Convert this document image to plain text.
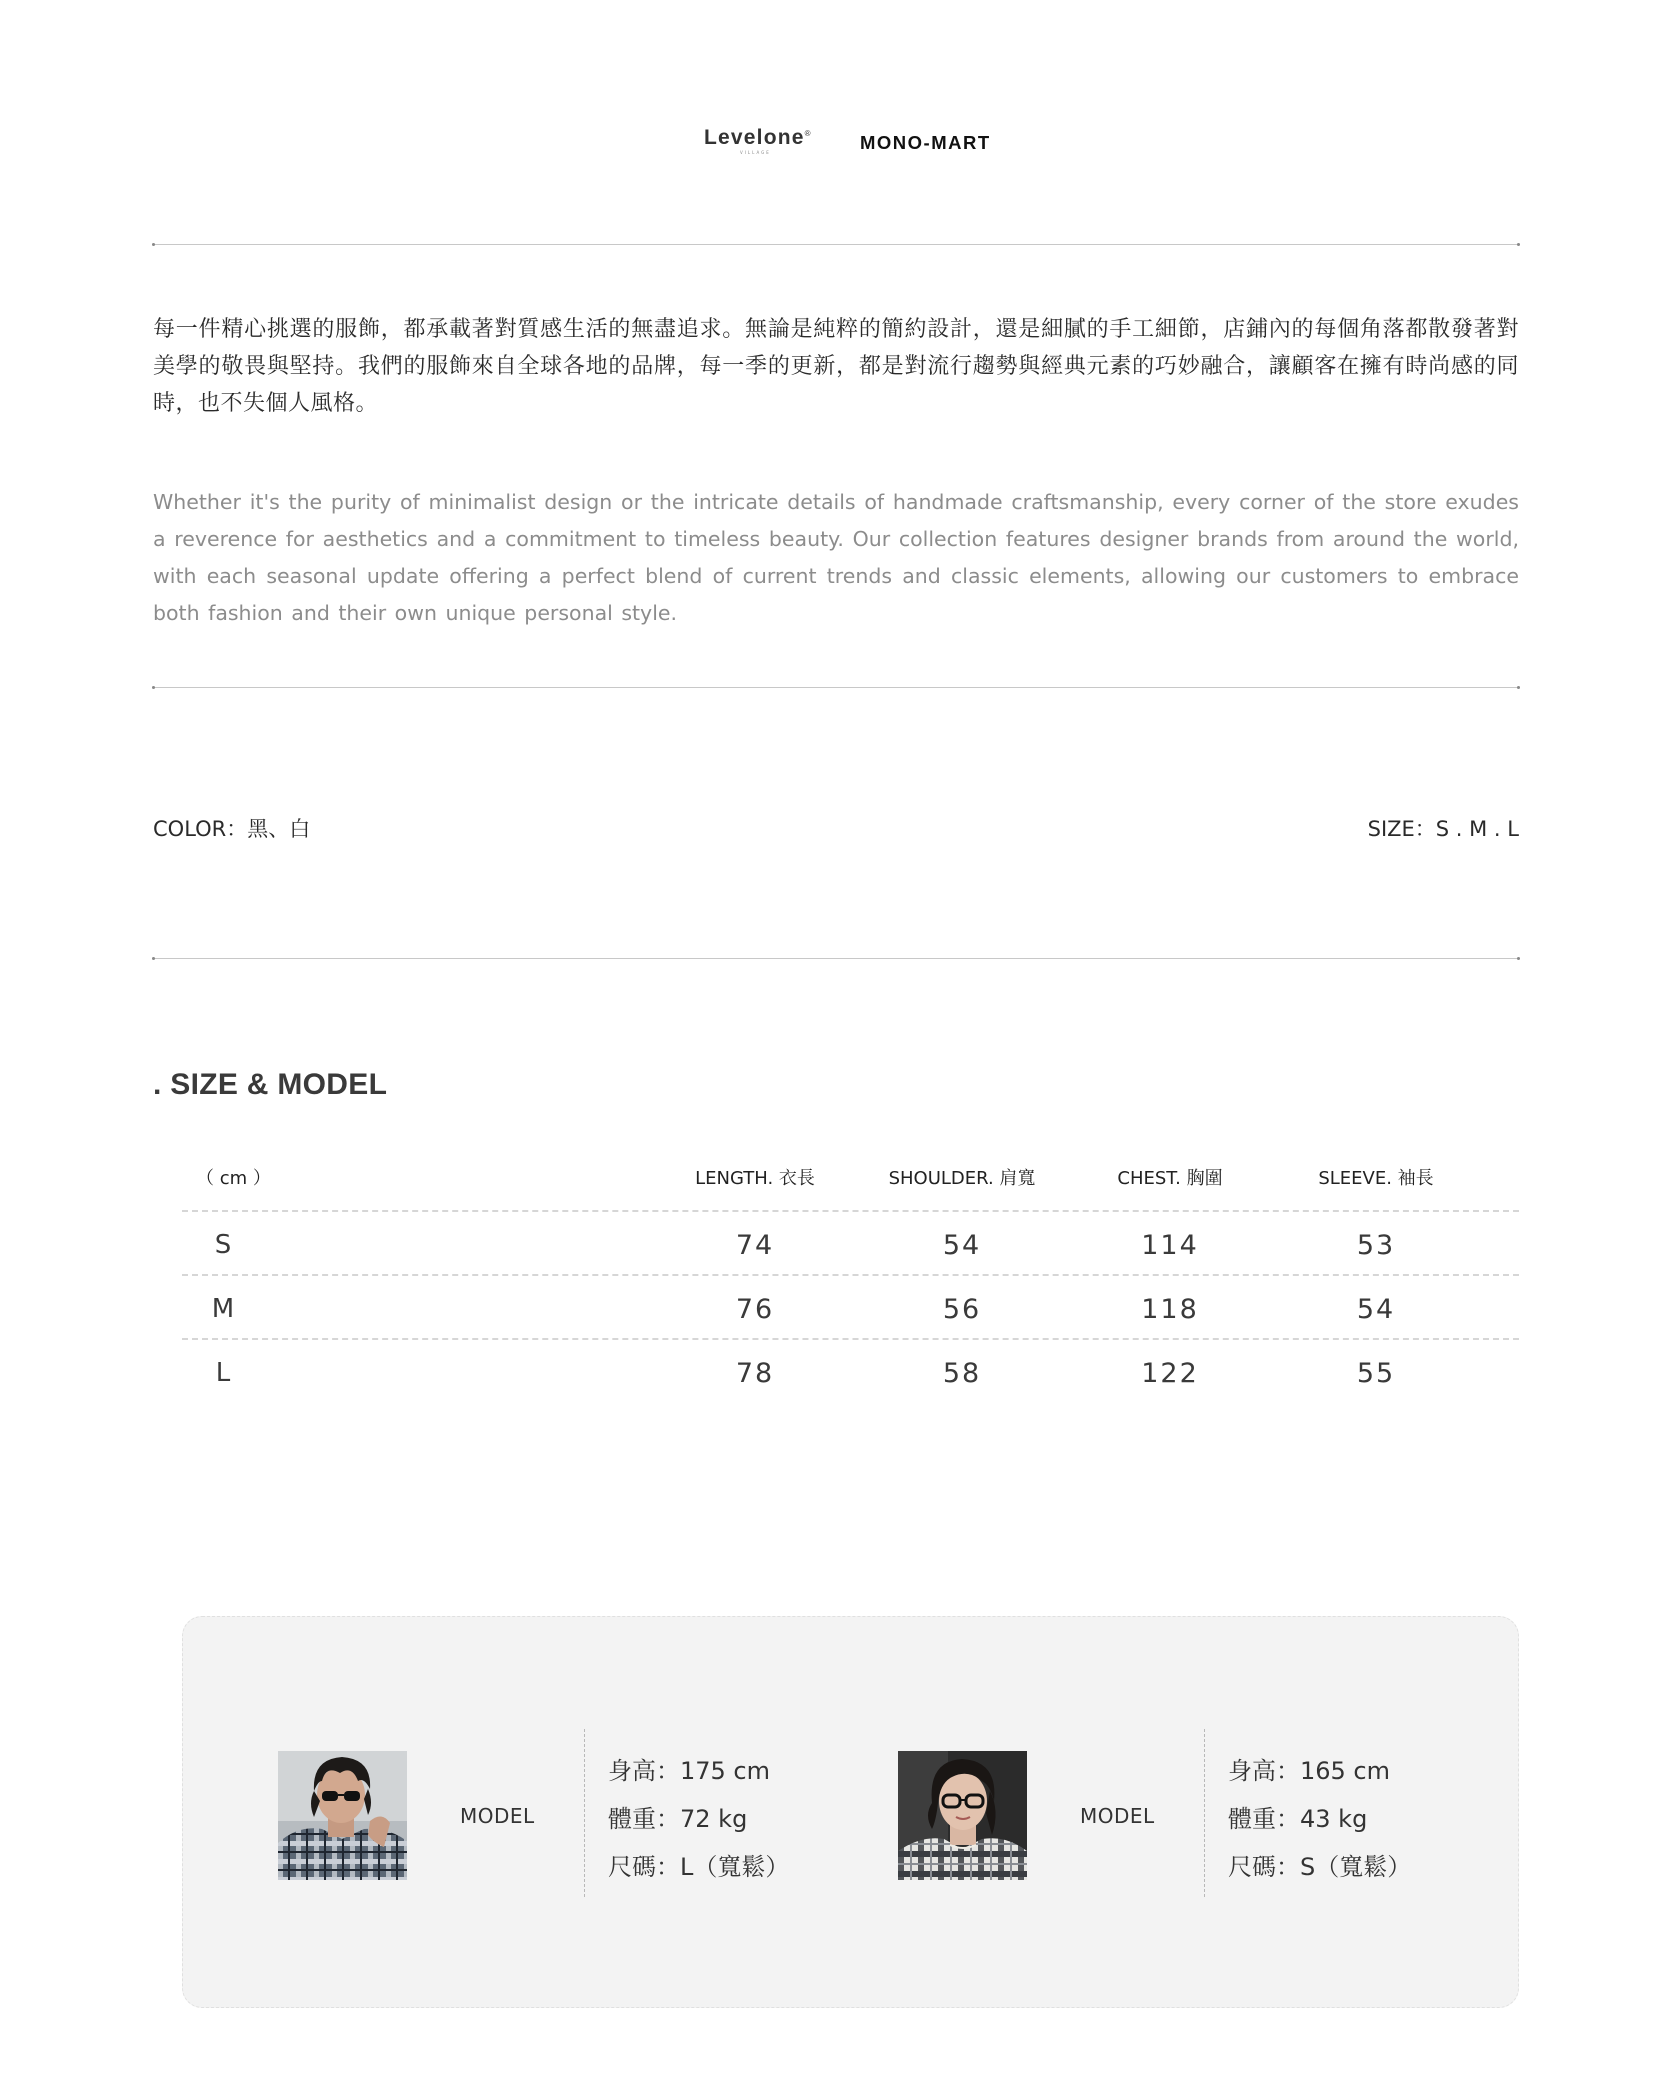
Levelone®
VILLAGE	MONO-MART

每一件精心挑選的服飾，都承載著對質感生活的無盡追求。無論是純粹的簡約設計，還是細膩的手工細節，店鋪內的每個角落都散發著對美學的敬畏與堅持。我們的服飾來自全球各地的品牌，每一季的更新，都是對流行趨勢與經典元素的巧妙融合，讓顧客在擁有時尚感的同時，也不失個人風格。

Whether it's the purity of minimalist design or the intricate details of handmade craftsmanship, every corner of the store exudes a reverence for aesthetics and a commitment to timeless beauty. Our collection features designer brands from around the world, with each seasonal update offering a perfect blend of current trends and classic elements, allowing our customers to embrace both fashion and their own unique personal style.

COLOR：黑、白	SIZE：S . M . L
. SIZE & MODEL
（ cm ）	LENGTH. 衣長	SHOULDER. 肩寬	CHEST. 胸圍	SLEEVE. 袖長
S	74	54	114	53
M	76	56	118	54
L	78	58	122	55
MODEL
身高：175 cm
體重：72 kg
尺碼：L（寬鬆）
MODEL
身高：165 cm
體重：43 kg
尺碼：S（寬鬆）
